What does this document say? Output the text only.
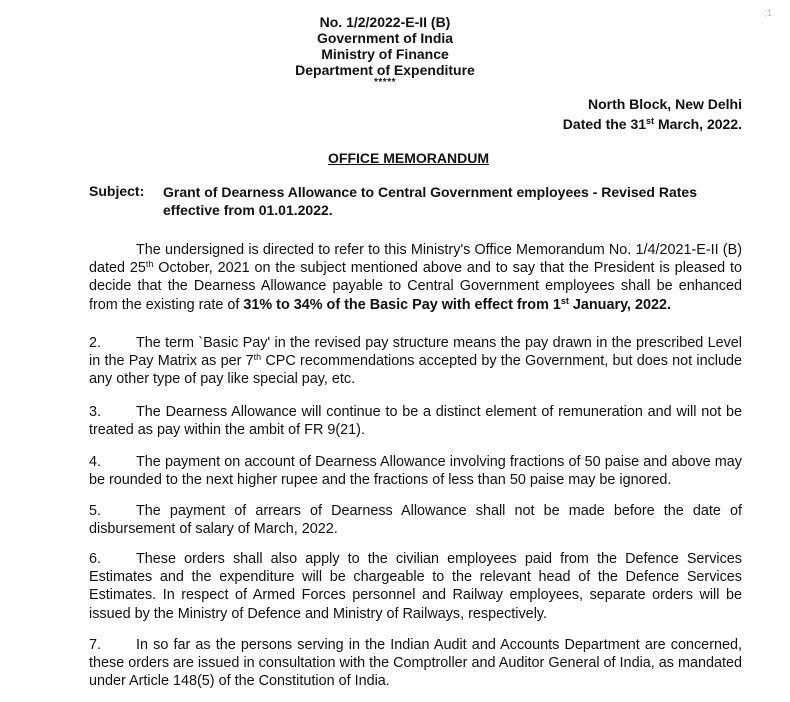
·;1
No. 1/2/2022-E-II (B)
Government of India
Ministry of Finance
Department of Expenditure
*****
North Block, New Delhi
Dated the 31st March, 2022.
OFFICE MEMORANDUM
Subject: Grant of Dearness Allowance to Central Government employees - Revised Rates effective from 01.01.2022.
The undersigned is directed to refer to this Ministry's Office Memorandum No. 1/4/2021-E-II (B) dated 25th October, 2021 on the subject mentioned above and to say that the President is pleased to decide that the Dearness Allowance payable to Central Government employees shall be enhanced from the existing rate of 31% to 34% of the Basic Pay with effect from 1st January, 2022.
2. The term `Basic Pay' in the revised pay structure means the pay drawn in the prescribed Level in the Pay Matrix as per 7th CPC recommendations accepted by the Government, but does not include any other type of pay like special pay, etc.
3. The Dearness Allowance will continue to be a distinct element of remuneration and will not be treated as pay within the ambit of FR 9(21).
4. The payment on account of Dearness Allowance involving fractions of 50 paise and above may be rounded to the next higher rupee and the fractions of less than 50 paise may be ignored.
5. The payment of arrears of Dearness Allowance shall not be made before the date of disbursement of salary of March, 2022.
6. These orders shall also apply to the civilian employees paid from the Defence Services Estimates and the expenditure will be chargeable to the relevant head of the Defence Services Estimates. In respect of Armed Forces personnel and Railway employees, separate orders will be issued by the Ministry of Defence and Ministry of Railways, respectively.
7. In so far as the persons serving in the Indian Audit and Accounts Department are concerned, these orders are issued in consultation with the Comptroller and Auditor General of India, as mandated under Article 148(5) of the Constitution of India.
